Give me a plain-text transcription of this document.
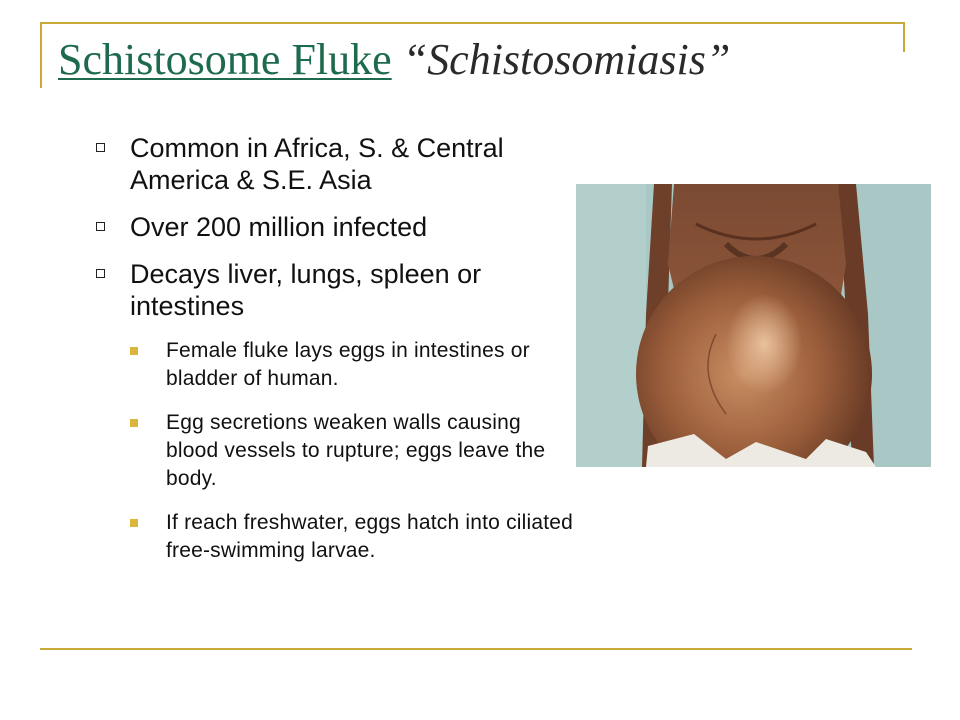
Schistosome Fluke “Schistosomiasis”
Common in Africa, S. & Central America & S.E. Asia
Over 200 million infected
Decays liver, lungs, spleen or intestines
Female fluke lays eggs in intestines or bladder of human.
Egg secretions weaken walls causing blood vessels to rupture; eggs leave the body.
If reach freshwater, eggs hatch into ciliated free-swimming larvae.
